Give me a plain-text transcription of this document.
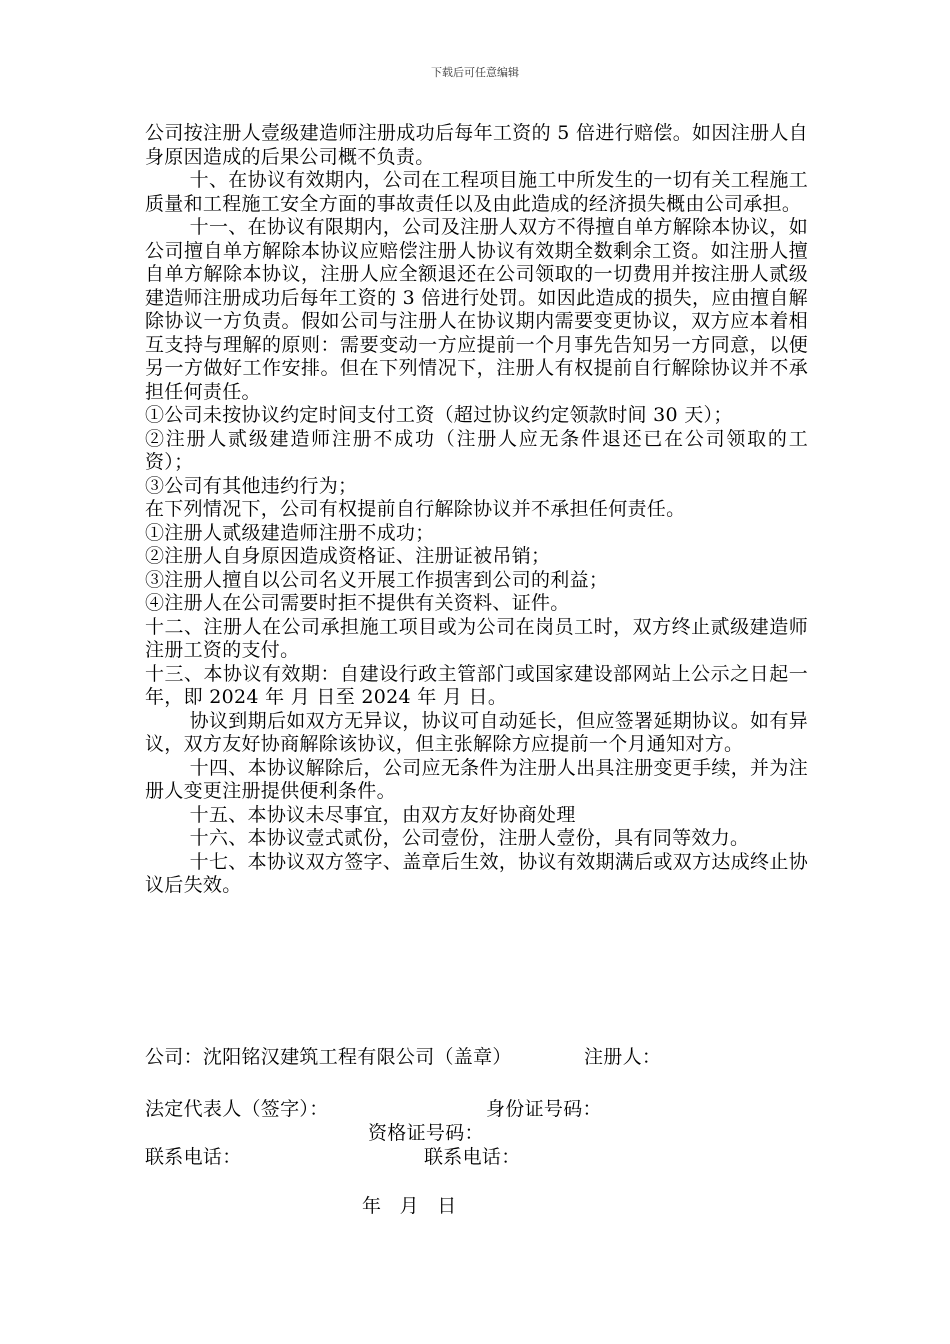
下载后可任意编辑

公司按注册人壹级建造师注册成功后每年工资的 5 倍进行赔偿。如因注册人自身原因造成的后果公司概不负责。

十、在协议有效期内，公司在工程项目施工中所发生的一切有关工程施工质量和工程施工安全方面的事故责任以及由此造成的经济损失概由公司承担。

十一、在协议有限期内，公司及注册人双方不得擅自单方解除本协议，如公司擅自单方解除本协议应赔偿注册人协议有效期全数剩余工资。如注册人擅自单方解除本协议，注册人应全额退还在公司领取的一切费用并按注册人贰级建造师注册成功后每年工资的 3 倍进行处罚。如因此造成的损失，应由擅自解除协议一方负责。假如公司与注册人在协议期内需要变更协议，双方应本着相互支持与理解的原则：需要变动一方应提前一个月事先告知另一方同意，以便另一方做好工作安排。但在下列情况下，注册人有权提前自行解除协议并不承担任何责任。

①公司未按协议约定时间支付工资（超过协议约定领款时间 30 天）；

②注册人贰级建造师注册不成功（注册人应无条件退还已在公司领取的工资）；

③公司有其他违约行为；

在下列情况下，公司有权提前自行解除协议并不承担任何责任。

①注册人贰级建造师注册不成功；

②注册人自身原因造成资格证、注册证被吊销；

③注册人擅自以公司名义开展工作损害到公司的利益；

④注册人在公司需要时拒不提供有关资料、证件。

十二、注册人在公司承担施工项目或为公司在岗员工时，双方终止贰级建造师注册工资的支付。

十三、本协议有效期：自建设行政主管部门或国家建设部网站上公示之日起一年，即 2024 年 月 日至 2024 年 月 日。

协议到期后如双方无异议，协议可自动延长，但应签署延期协议。如有异议，双方友好协商解除该协议，但主张解除方应提前一个月通知对方。

十四、本协议解除后，公司应无条件为注册人出具注册变更手续，并为注册人变更注册提供便利条件。

十五、本协议未尽事宜，由双方友好协商处理

十六、本协议壹式贰份，公司壹份，注册人壹份，具有同等效力。

十七、本协议双方签字、盖章后生效，协议有效期满后或双方达成终止协议后失效。

公司：沈阳铭汉建筑工程有限公司（盖章）	注册人：
法定代表人（签字）：	身份证号码：
资格证号码：
联系电话：	联系电话：
年 月 日
